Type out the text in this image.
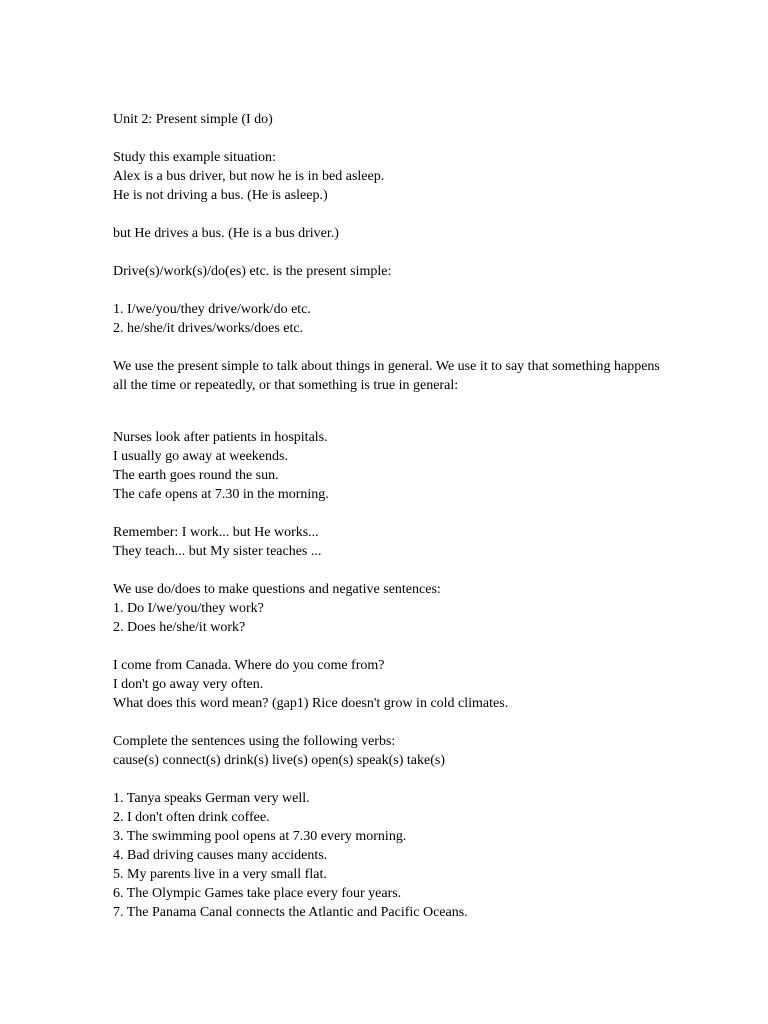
Unit 2: Present simple (I do)
Study this example situation:
Alex is a bus driver, but now he is in bed asleep.
He is not driving a bus. (He is asleep.)
but He drives a bus. (He is a bus driver.)
Drive(s)/work(s)/do(es) etc. is the present simple:
1. I/we/you/they drive/work/do etc.
2. he/she/it drives/works/does etc.
We use the present simple to talk about things in general. We use it to say that something happens
all the time or repeatedly, or that something is true in general:
Nurses look after patients in hospitals.
I usually go away at weekends.
The earth goes round the sun.
The cafe opens at 7.30 in the morning.
Remember: I work... but He works...
They teach... but My sister teaches ...
We use do/does to make questions and negative sentences:
1. Do I/we/you/they work?
2. Does he/she/it work?
I come from Canada. Where do you come from?
I don't go away very often.
What does this word mean? (gap1) Rice doesn't grow in cold climates.
Complete the sentences using the following verbs:
cause(s) connect(s) drink(s) live(s) open(s) speak(s) take(s)
1. Tanya speaks German very well.
2. I don't often drink coffee.
3. The swimming pool opens at 7.30 every morning.
4. Bad driving causes many accidents.
5. My parents live in a very small flat.
6. The Olympic Games take place every four years.
7. The Panama Canal connects the Atlantic and Pacific Oceans.
